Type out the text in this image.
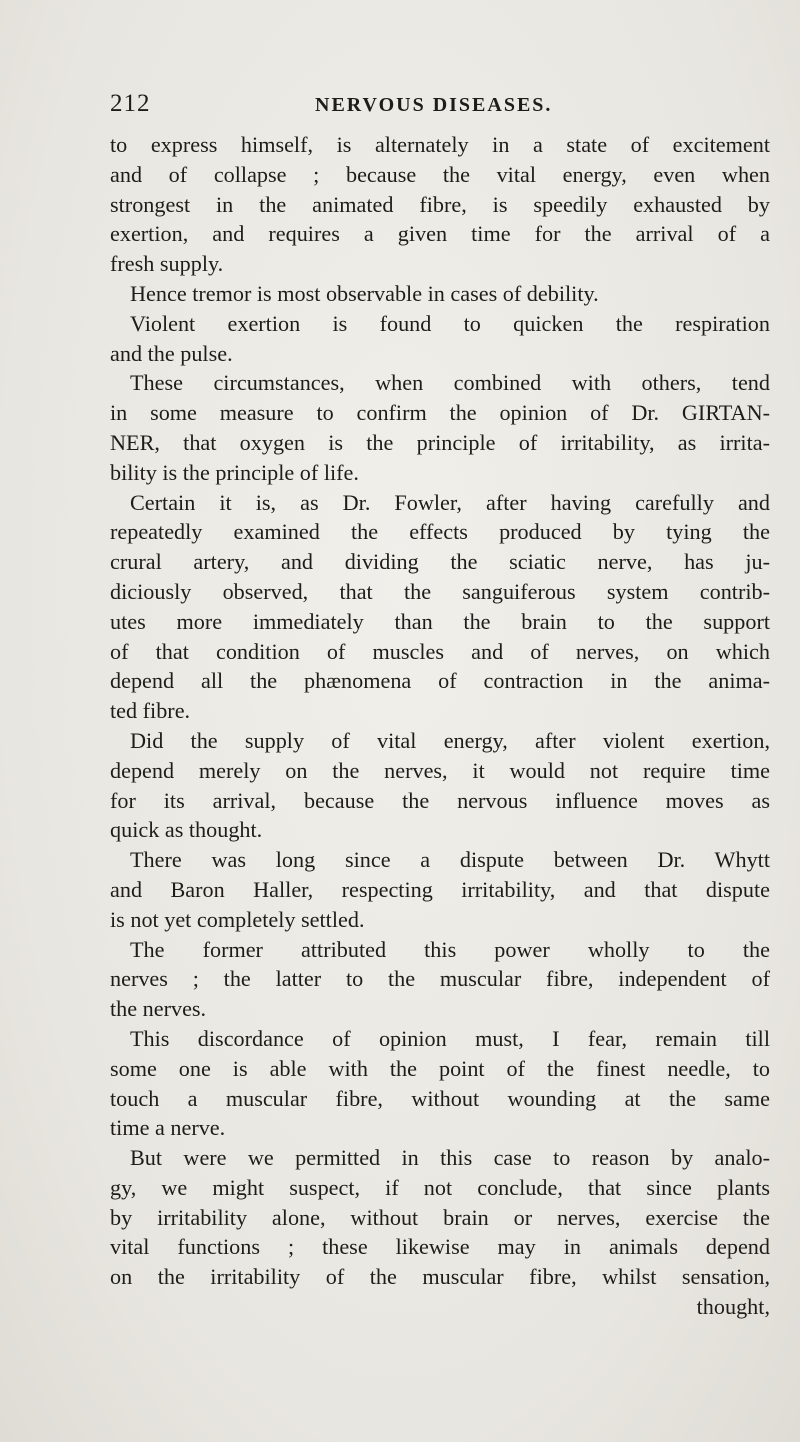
212	NERVOUS DISEASES.
to express himself, is alternately in a state of excitement
and of collapse ; because the vital energy, even when
strongest in the animated fibre, is speedily exhausted by
exertion, and requires a given time for the arrival of a
fresh supply.
Hence tremor is most observable in cases of debility.
Violent exertion is found to quicken the respiration
and the pulse.
These circumstances, when combined with others, tend
in some measure to confirm the opinion of Dr. GIRTAN-
NER, that oxygen is the principle of irritability, as irrita-
bility is the principle of life.
Certain it is, as Dr. Fowler, after having carefully and
repeatedly examined the effects produced by tying the
crural artery, and dividing the sciatic nerve, has ju-
diciously observed, that the sanguiferous system contrib-
utes more immediately than the brain to the support
of that condition of muscles and of nerves, on which
depend all the phænomena of contraction in the anima-
ted fibre.
Did the supply of vital energy, after violent exertion,
depend merely on the nerves, it would not require time
for its arrival, because the nervous influence moves as
quick as thought.
There was long since a dispute between Dr. Whytt
and Baron Haller, respecting irritability, and that dispute
is not yet completely settled.
The former attributed this power wholly to the
nerves ; the latter to the muscular fibre, independent of
the nerves.
This discordance of opinion must, I fear, remain till
some one is able with the point of the finest needle, to
touch a muscular fibre, without wounding at the same
time a nerve.
But were we permitted in this case to reason by analo-
gy, we might suspect, if not conclude, that since plants
by irritability alone, without brain or nerves, exercise the
vital functions ; these likewise may in animals depend
on the irritability of the muscular fibre, whilst sensation,
thought,
